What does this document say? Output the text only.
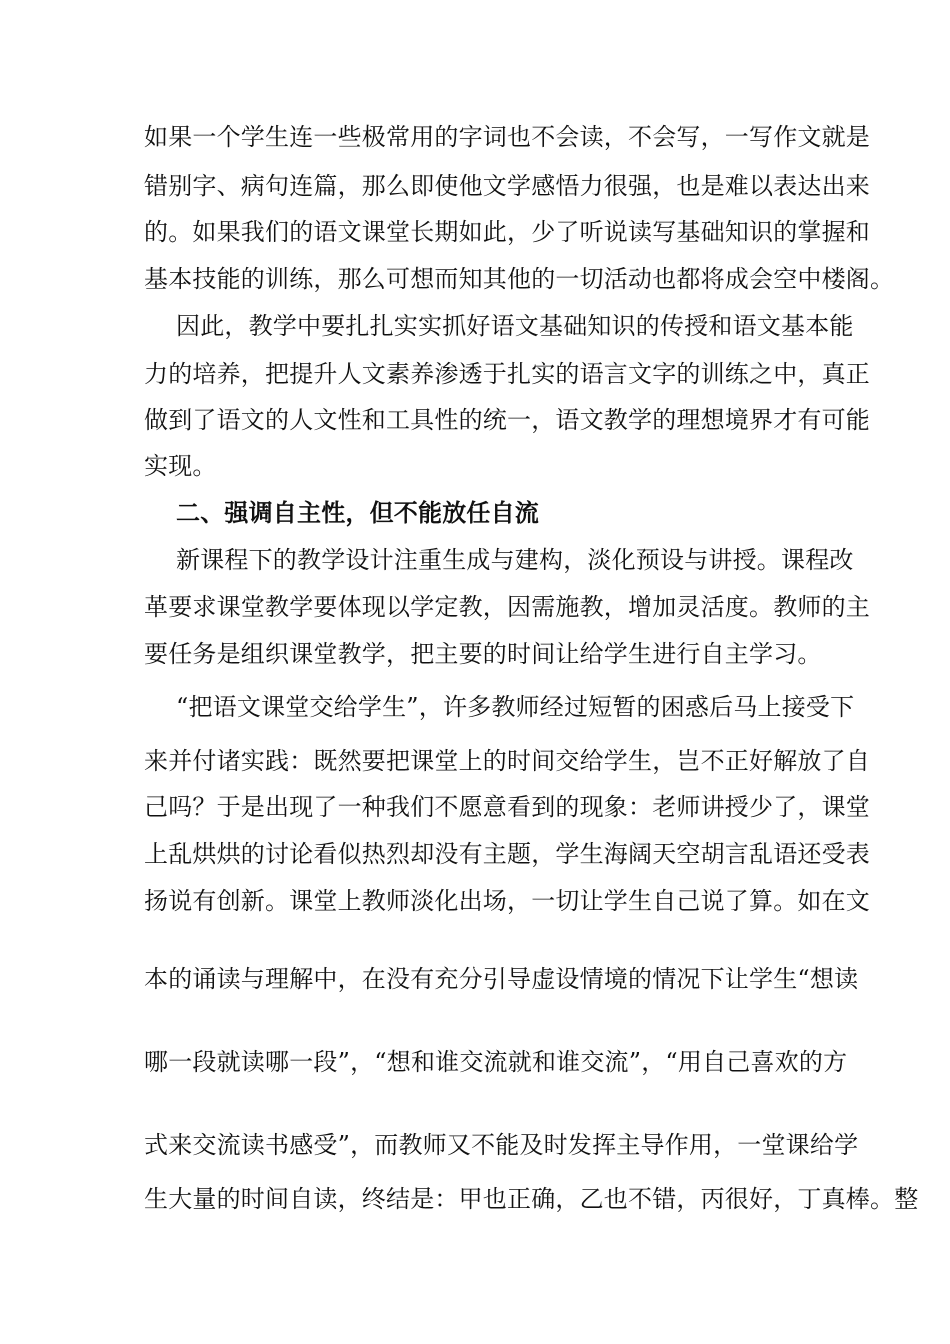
如果一个学生连一些极常用的字词也不会读，不会写，一写作文就是
错别字、病句连篇，那么即使他文学感悟力很强，也是难以表达出来
的。如果我们的语文课堂长期如此，少了听说读写基础知识的掌握和
基本技能的训练，那么可想而知其他的一切活动也都将成会空中楼阁。
因此，教学中要扎扎实实抓好语文基础知识的传授和语文基本能
力的培养，把提升人文素养渗透于扎实的语言文字的训练之中，真正
做到了语文的人文性和工具性的统一，语文教学的理想境界才有可能
实现。
二、强调自主性，但不能放任自流
新课程下的教学设计注重生成与建构，淡化预设与讲授。课程改
革要求课堂教学要体现以学定教，因需施教，增加灵活度。教师的主
要任务是组织课堂教学，把主要的时间让给学生进行自主学习。
“把语文课堂交给学生”，许多教师经过短暂的困惑后马上接受下
来并付诸实践：既然要把课堂上的时间交给学生，岂不正好解放了自
己吗？于是出现了一种我们不愿意看到的现象：老师讲授少了，课堂
上乱烘烘的讨论看似热烈却没有主题，学生海阔天空胡言乱语还受表
扬说有创新。课堂上教师淡化出场，一切让学生自己说了算。如在文
本的诵读与理解中，在没有充分引导虚设情境的情况下让学生“想读
哪一段就读哪一段”，“想和谁交流就和谁交流”，“用自己喜欢的方
式来交流读书感受”，而教师又不能及时发挥主导作用，一堂课给学
生大量的时间自读，终结是：甲也正确，乙也不错，丙很好，丁真棒。整
